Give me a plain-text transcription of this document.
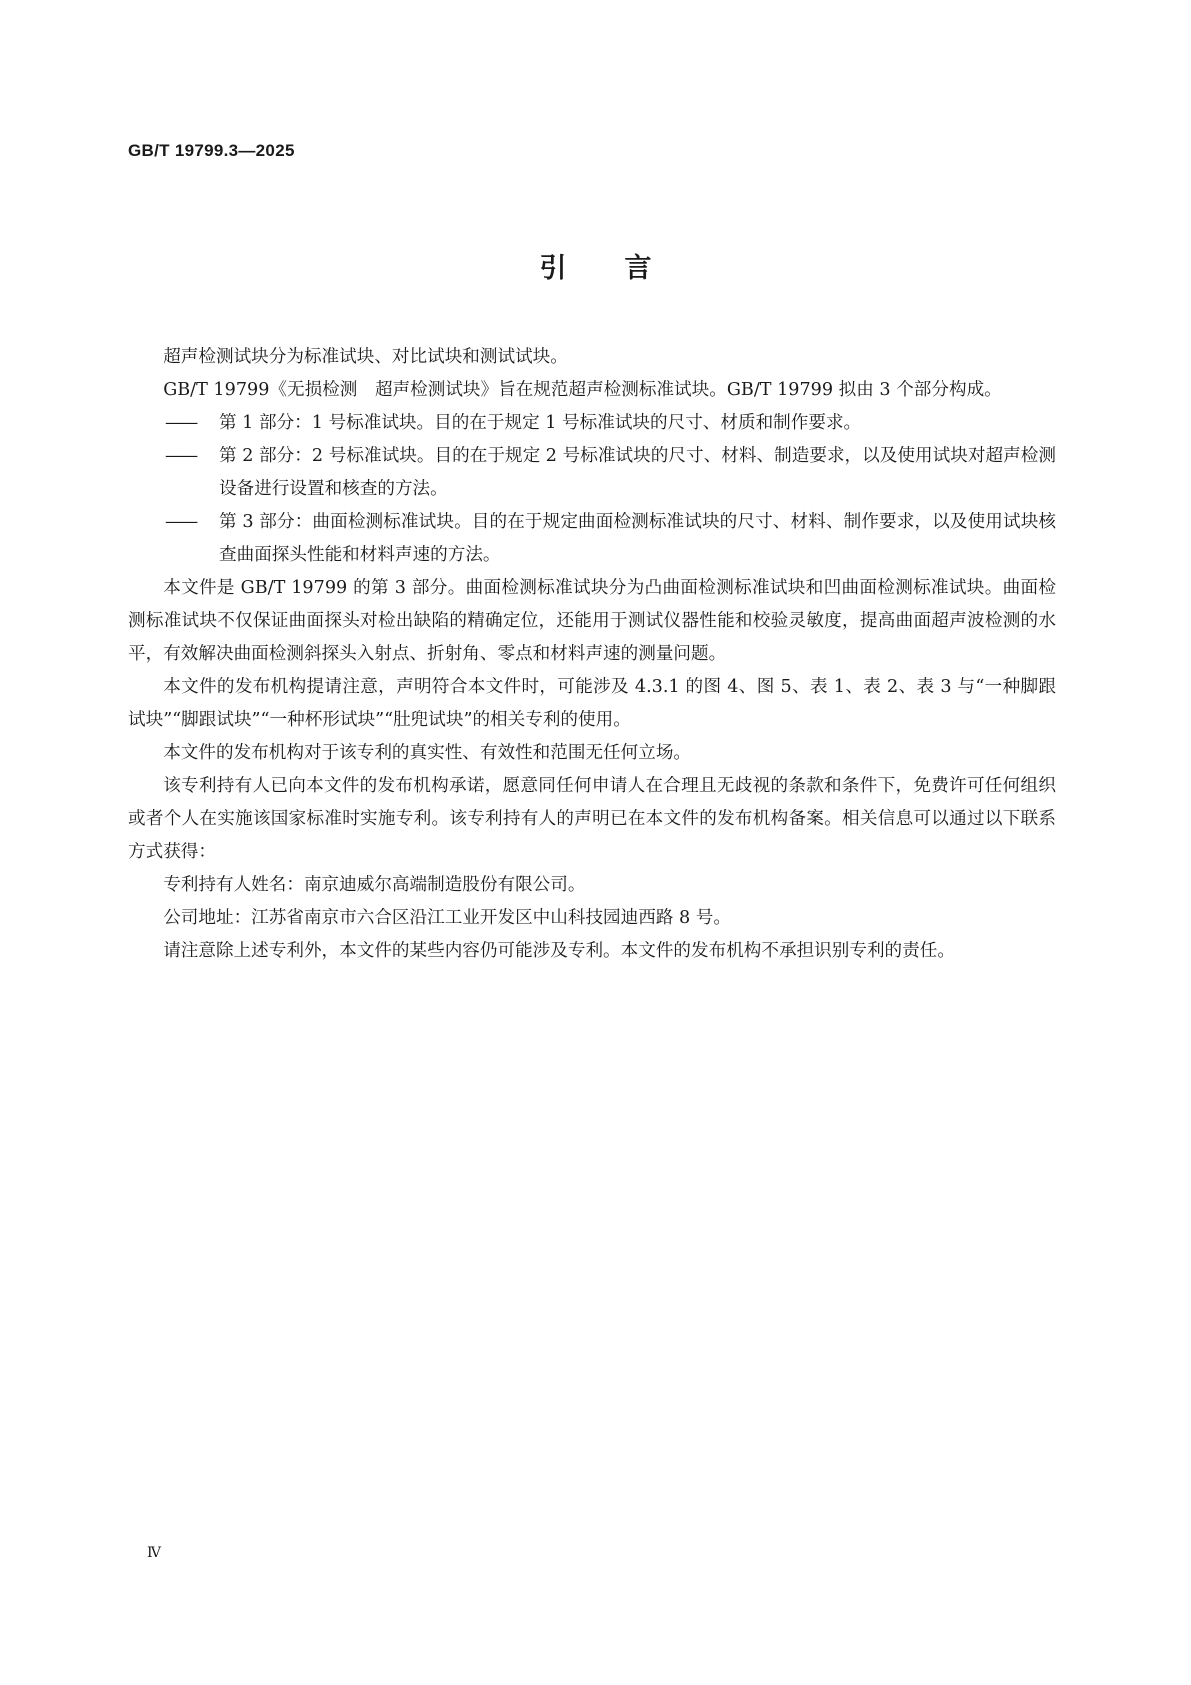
GB/T 19799.3—2025
引言

超声检测试块分为标准试块、对比试块和测试试块。

GB/T 19799《无损检测　超声检测试块》旨在规范超声检测标准试块。GB/T 19799 拟由 3 个部分构成。

——	第 1 部分：1 号标准试块。目的在于规定 1 号标准试块的尺寸、材质和制作要求。

——	第 2 部分：2 号标准试块。目的在于规定 2 号标准试块的尺寸、材料、制造要求，以及使用试块对超声检测设备进行设置和核查的方法。

——	第 3 部分：曲面检测标准试块。目的在于规定曲面检测标准试块的尺寸、材料、制作要求，以及使用试块核查曲面探头性能和材料声速的方法。

本文件是 GB/T 19799 的第 3 部分。曲面检测标准试块分为凸曲面检测标准试块和凹曲面检测标准试块。曲面检测标准试块不仅保证曲面探头对检出缺陷的精确定位，还能用于测试仪器性能和校验灵敏度，提高曲面超声波检测的水平，有效解决曲面检测斜探头入射点、折射角、零点和材料声速的测量问题。

本文件的发布机构提请注意，声明符合本文件时，可能涉及 4.3.1 的图 4、图 5、表 1、表 2、表 3 与“一种脚跟试块”“脚跟试块”“一种杯形试块”“肚兜试块”的相关专利的使用。

本文件的发布机构对于该专利的真实性、有效性和范围无任何立场。

该专利持有人已向本文件的发布机构承诺，愿意同任何申请人在合理且无歧视的条款和条件下，免费许可任何组织或者个人在实施该国家标准时实施专利。该专利持有人的声明已在本文件的发布机构备案。相关信息可以通过以下联系方式获得：

专利持有人姓名：南京迪威尔高端制造股份有限公司。

公司地址：江苏省南京市六合区沿江工业开发区中山科技园迪西路 8 号。

请注意除上述专利外，本文件的某些内容仍可能涉及专利。本文件的发布机构不承担识别专利的责任。

Ⅳ
